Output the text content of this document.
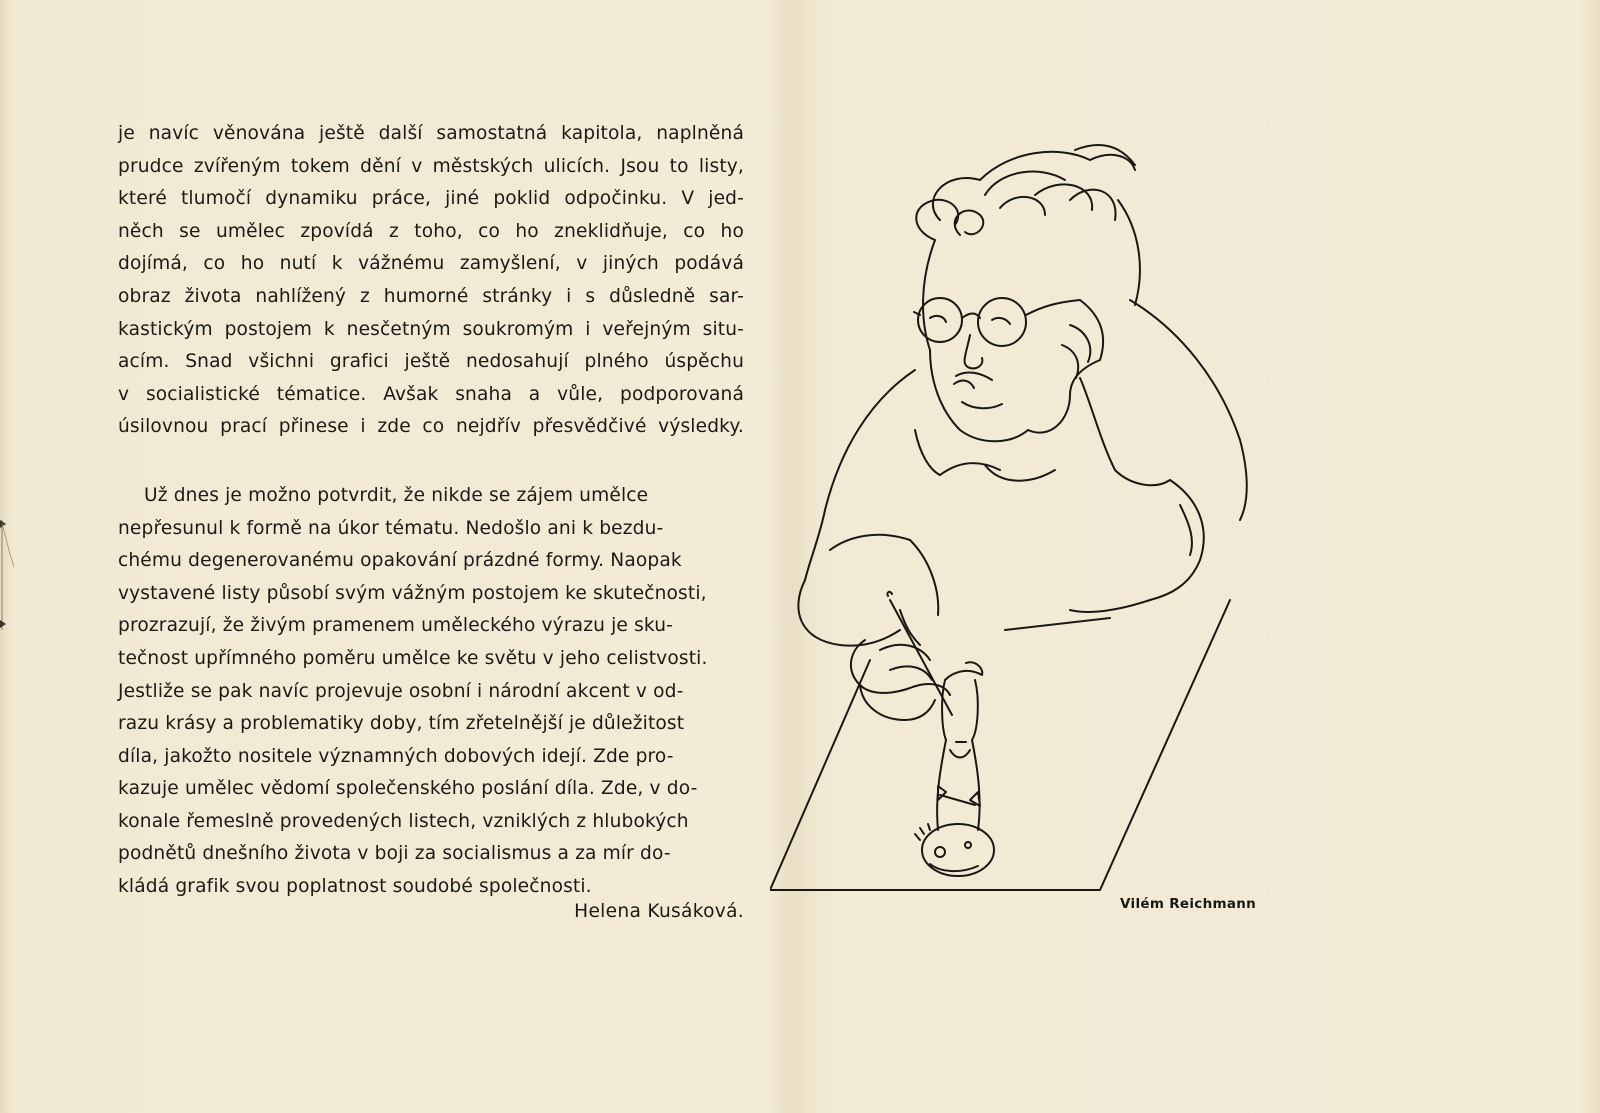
je navíc věnována ještě další samostatná kapitola, naplněná
prudce zvířeným tokem dění v městských ulicích. Jsou to listy,
které tlumočí dynamiku práce, jiné poklid odpočinku. V jed-
něch se umělec zpovídá z toho, co ho zneklidňuje, co ho
dojímá, co ho nutí k vážnému zamyšlení, v jiných podává
obraz života nahlížený z humorné stránky i s důsledně sar-
kastickým postojem k nesčetným soukromým i veřejným situ-
acím. Snad všichni grafici ještě nedosahují plného úspěchu
v socialistické tématice. Avšak snaha a vůle, podporovaná
úsilovnou prací přinese i zde co nejdřív přesvědčivé výsledky.

Už dnes je možno potvrdit, že nikde se zájem umělce
nepřesunul k formě na úkor tématu. Nedošlo ani k bezdu-
chému degenerovanému opakování prázdné formy. Naopak
vystavené listy působí svým vážným postojem ke skutečnosti,
prozrazují, že živým pramenem uměleckého výrazu je sku-
tečnost upřímného poměru umělce ke světu v jeho celistvosti.
Jestliže se pak navíc projevuje osobní i národní akcent v od-
razu krásy a problematiky doby, tím zřetelnější je důležitost
díla, jakožto nositele významných dobových idejí. Zde pro-
kazuje umělec vědomí společenského poslání díla. Zde, v do-
konale řemeslně provedených listech, vzniklých z hlubokých
podnětů dnešního života v boji za socialismus a za mír do-
kládá grafik svou poplatnost soudobé společnosti.

Helena Kusáková.	Vilém Reichmann
